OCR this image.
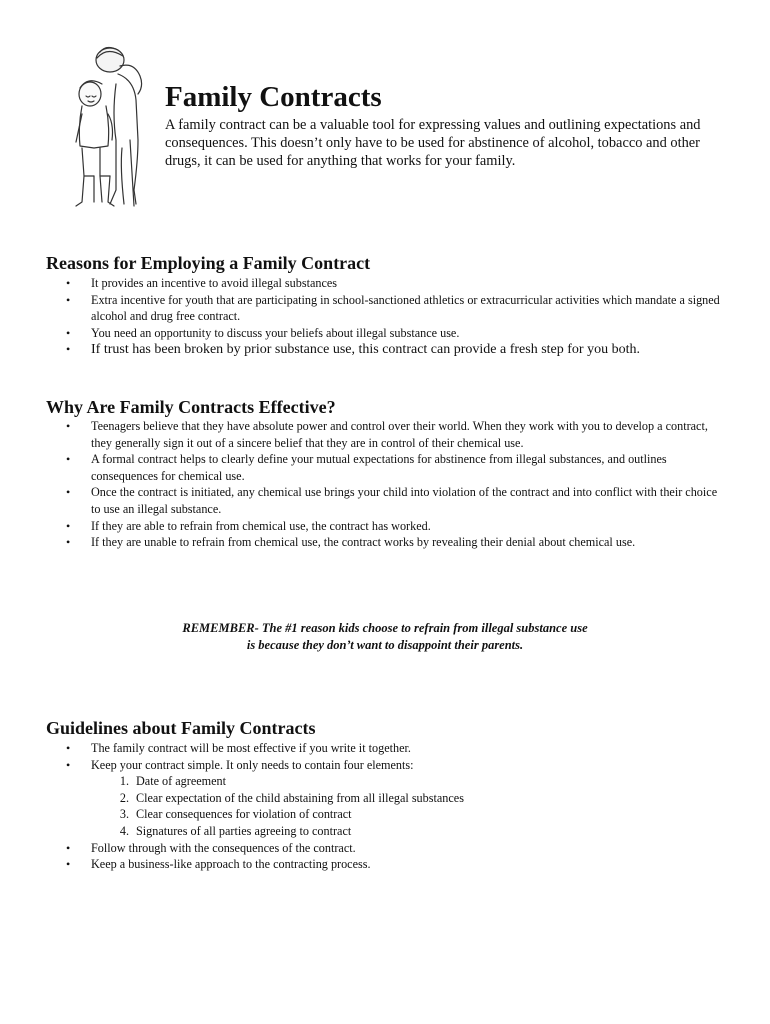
Family Contracts

A family contract can be a valuable tool for expressing values and outlining expectations and consequences. This doesn’t only have to be used for abstinence of alcohol, tobacco and other drugs, it can be used for anything that works for your family.

Reasons for Employing a Family Contract
• It provides an incentive to avoid illegal substances
• Extra incentive for youth that are participating in school-sanctioned athletics or extracurricular activities which mandate a signed alcohol and drug free contract.
• You need an opportunity to discuss your beliefs about illegal substance use.
• If trust has been broken by prior substance use, this contract can provide a fresh step for you both.
Why Are Family Contracts Effective?
• Teenagers believe that they have absolute power and control over their world. When they work with you to develop a contract, they generally sign it out of a sincere belief that they are in control of their chemical use.
• A formal contract helps to clearly define your mutual expectations for abstinence from illegal substances, and outlines consequences for chemical use.
• Once the contract is initiated, any chemical use brings your child into violation of the contract and into conflict with their choice to use an illegal substance.
• If they are able to refrain from chemical use, the contract has worked.
• If they are unable to refrain from chemical use, the contract works by revealing their denial about chemical use.

REMEMBER- The #1 reason kids choose to refrain from illegal substance use
is because they don’t want to disappoint their parents.

Guidelines about Family Contracts
• The family contract will be most effective if you write it together.
• Keep your contract simple. It only needs to contain four elements:
1. Date of agreement
2. Clear expectation of the child abstaining from all illegal substances
3. Clear consequences for violation of contract
4. Signatures of all parties agreeing to contract
• Follow through with the consequences of the contract.
• Keep a business-like approach to the contracting process.
